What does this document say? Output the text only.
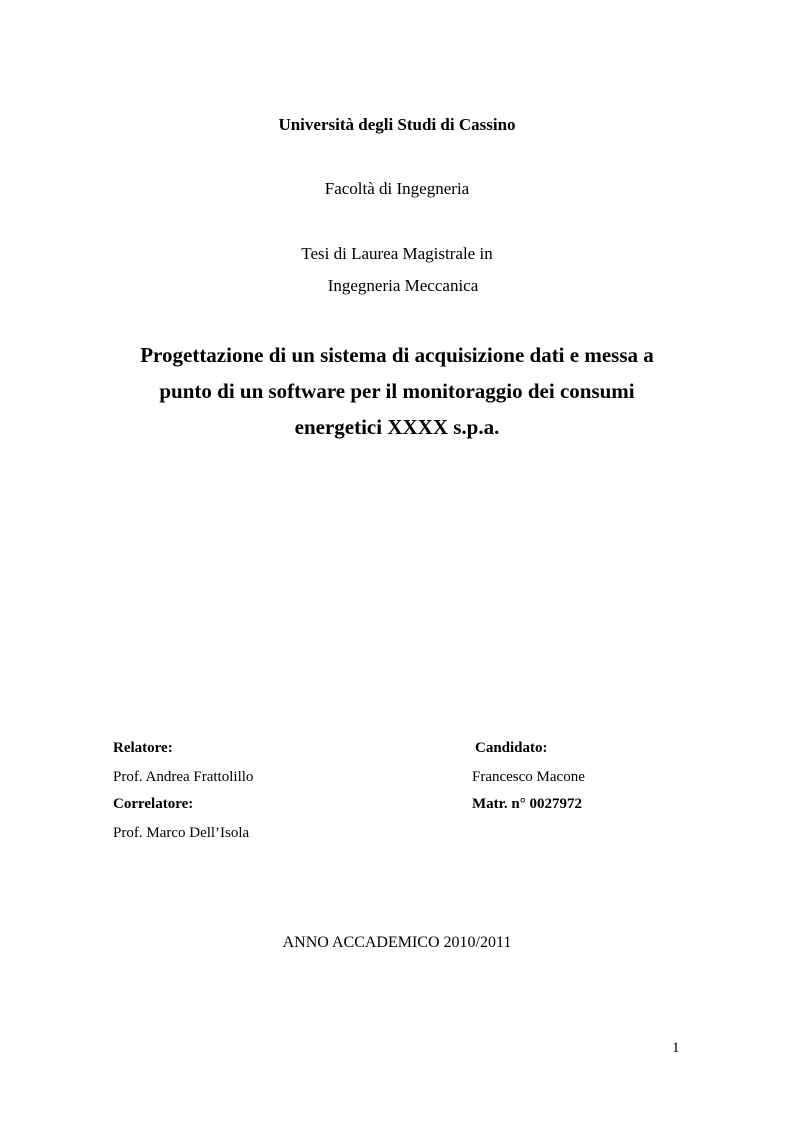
Università degli Studi di Cassino
Facoltà di Ingegneria
Tesi di Laurea Magistrale in
Ingegneria Meccanica
Progettazione di un sistema di acquisizione dati e messa a
punto di un software per il monitoraggio dei consumi
energetici XXXX s.p.a.
Relatore:
Prof. Andrea Frattolillo
Correlatore:
Prof. Marco Dell’Isola
Candidato:
Francesco Macone
Matr. n° 0027972
ANNO ACCADEMICO 2010/2011
1
